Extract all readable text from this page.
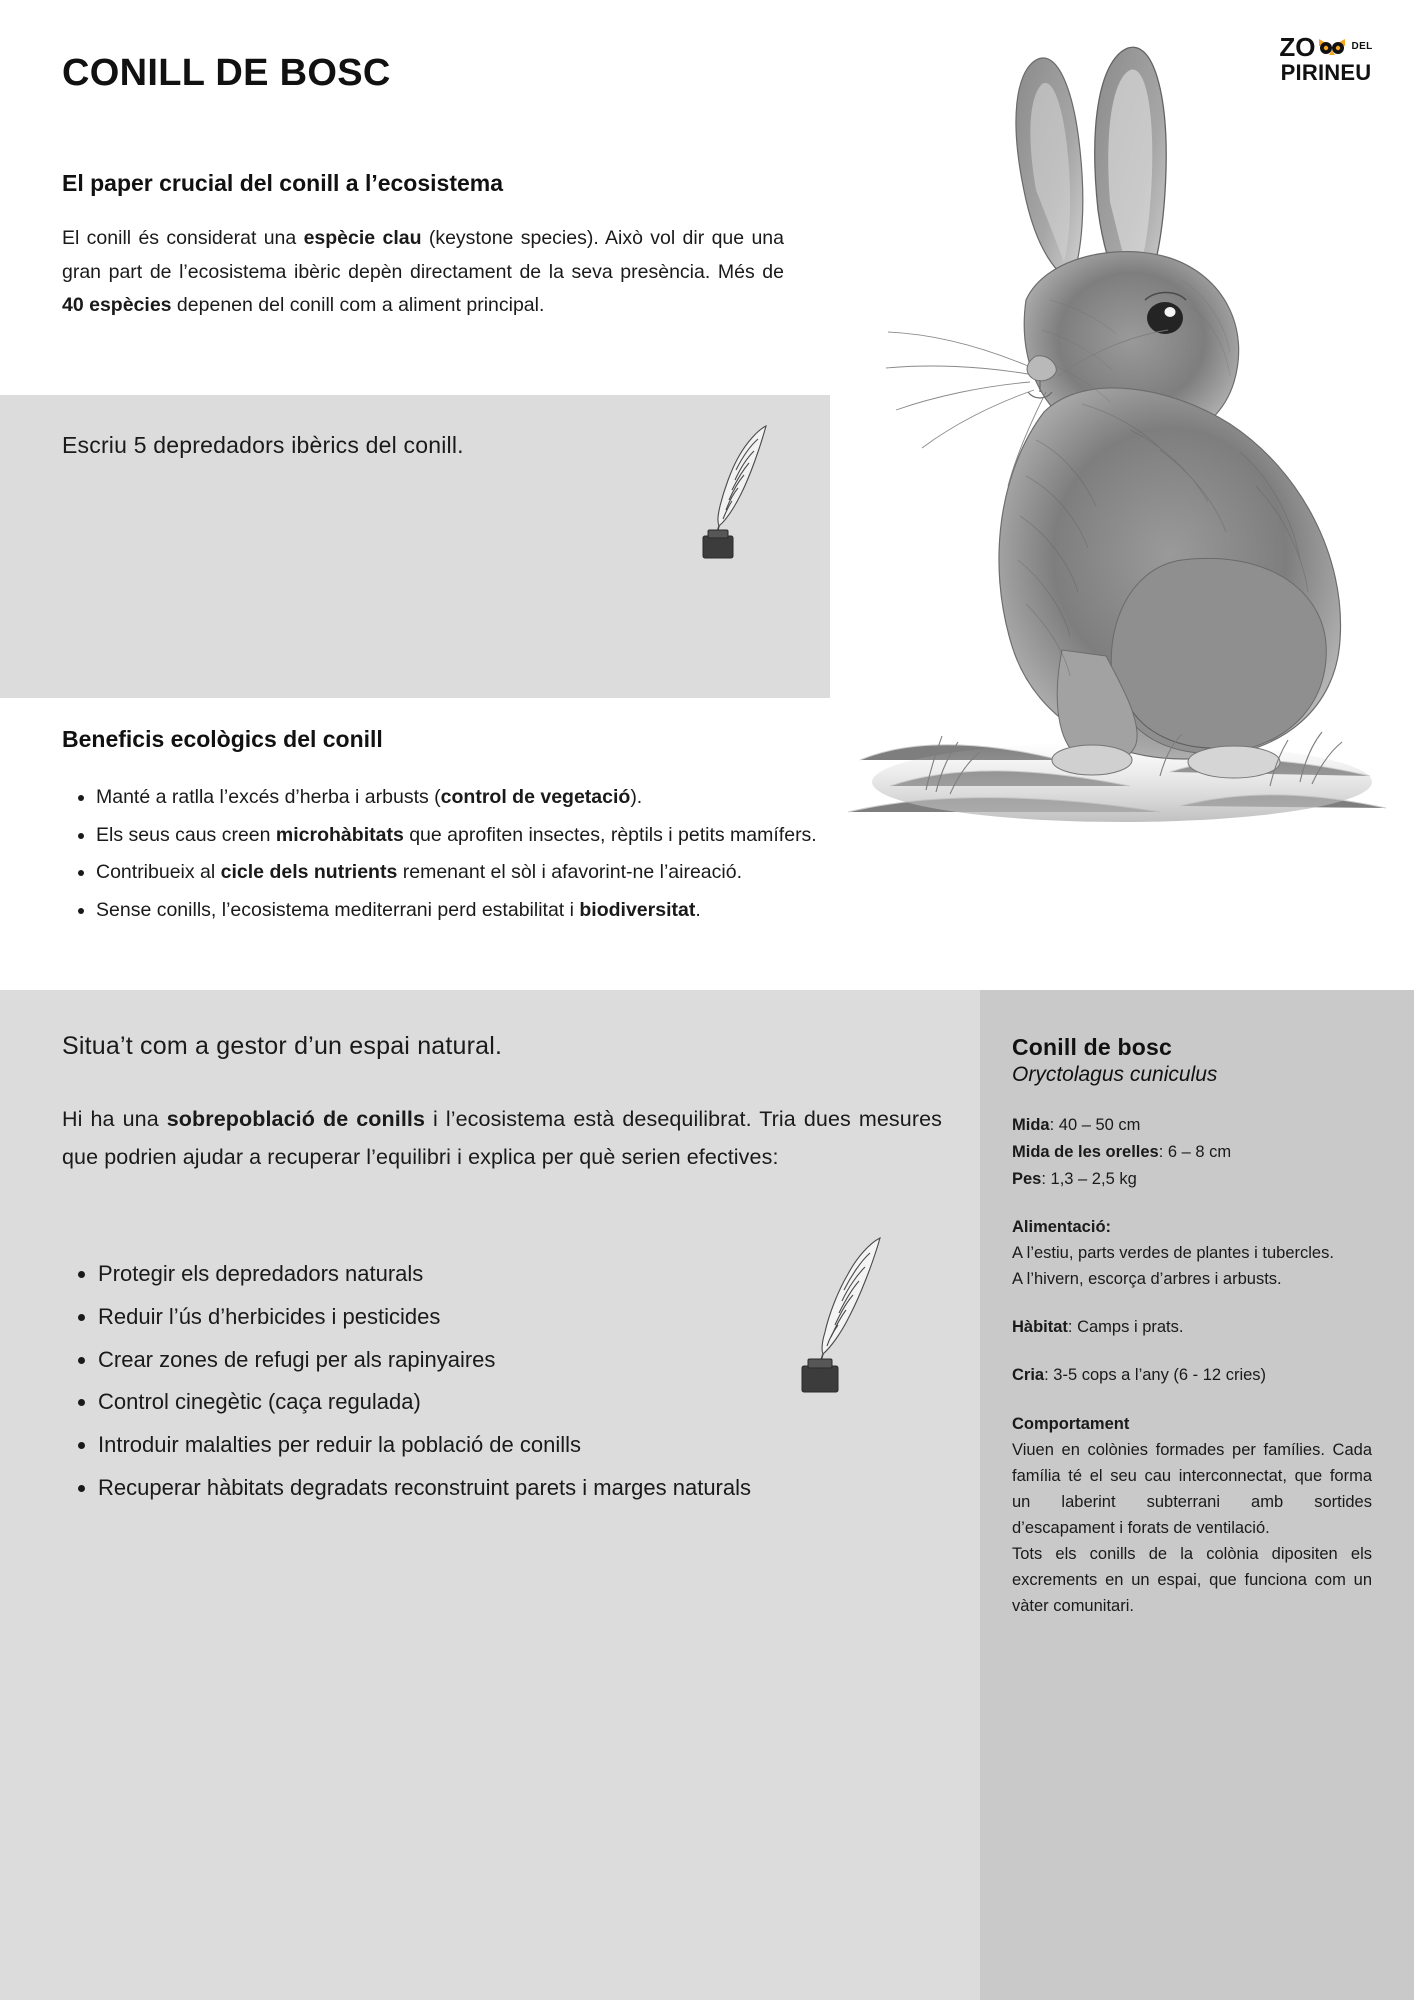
CONILL DE BOSC
El paper crucial del conill a l’ecosistema
El conill és considerat una espècie clau (keystone species). Això vol dir que una gran part de l’ecosistema ibèric depèn directament de la seva presència. Més de 40 espècies depenen del conill com a aliment principal.
Escriu 5 depredadors ibèrics del conill.
Beneficis ecològics del conill
• Manté a ratlla l’excés d’herba i arbusts (control de vegetació).
• Els seus caus creen microhàbitats que aprofiten insectes, rèptils i petits mamífers.
• Contribueix al cicle dels nutrients remenant el sòl i afavorint-ne l’aireació.
• Sense conills, l’ecosistema mediterrani perd estabilitat i biodiversitat.
ZO	DEL
PIRINEU
Situa’t com a gestor d’un espai natural.
Hi ha una sobrepoblació de conills i l’ecosistema està desequilibrat. Tria dues mesures que podrien ajudar a recuperar l’equilibri i explica per què serien efectives:
• Protegir els depredadors naturals
• Reduir l’ús d’herbicides i pesticides
• Crear zones de refugi per als rapinyaires
• Control cinegètic (caça regulada)
• Introduir malalties per reduir la població de conills
• Recuperar hàbitats degradats reconstruint parets i marges naturals
Conill de bosc
Oryctolagus cuniculus

Mida: 40 – 50 cm

Mida de les orelles: 6 – 8 cm

Pes: 1,3 – 2,5 kg

Alimentació:

A l’estiu, parts verdes de plantes i tubercles.

A l’hivern, escorça d’arbres i arbusts.

Hàbitat: Camps i prats.

Cria: 3-5 cops a l’any (6 - 12 cries)

Comportament

Viuen en colònies formades per famílies. Cada família té el seu cau interconnectat, que forma un laberint subterrani amb sortides d’escapament i forats de ventilació.

Tots els conills de la colònia dipositen els excrements en un espai, que funciona com un vàter comunitari.
